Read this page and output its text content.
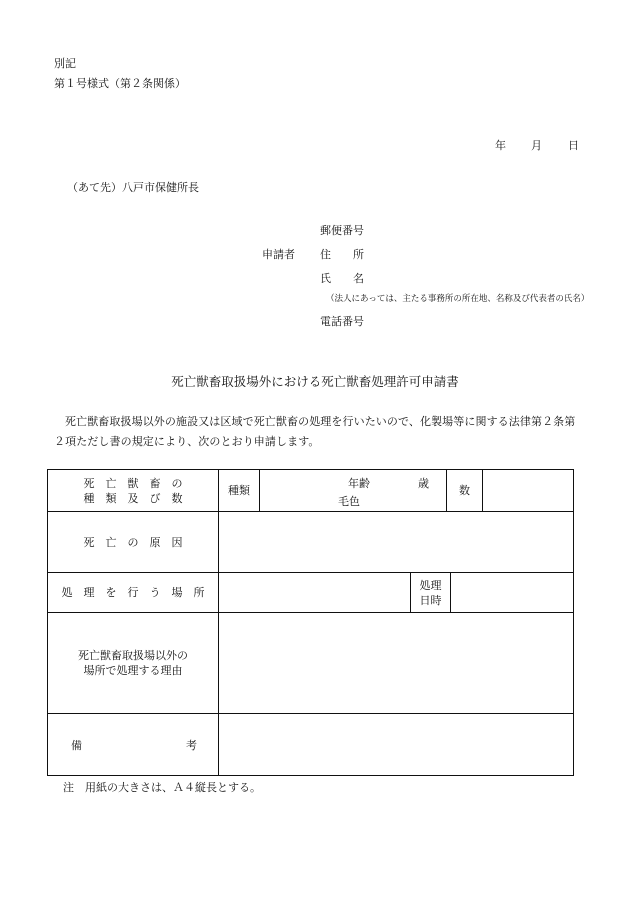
別記
第１号様式（第２条関係）
年 月 日
（あて先）八戸市保健所長
郵便番号
申請者 住　　所
氏　　名
（法人にあっては、主たる事務所の所在地、名称及び代表者の氏名）
電話番号
死亡獣畜取扱場外における死亡獣畜処理許可申請書
死亡獣畜取扱場以外の施設又は区域で死亡獣畜の処理を行いたいので、化製場等に関する法律第２条第２項ただし書の規定により、次のとおり申請します。
死　亡　獣　畜　の
種　類　及　び　数
種類
年齢	歳
毛色
数
死　亡　の　原　因
処　理　を　行　う　場　所
処理
日時
死亡獣畜取扱場以外の
場所で処理する理由
備	考
注　用紙の大きさは、Ａ４縦長とする。
